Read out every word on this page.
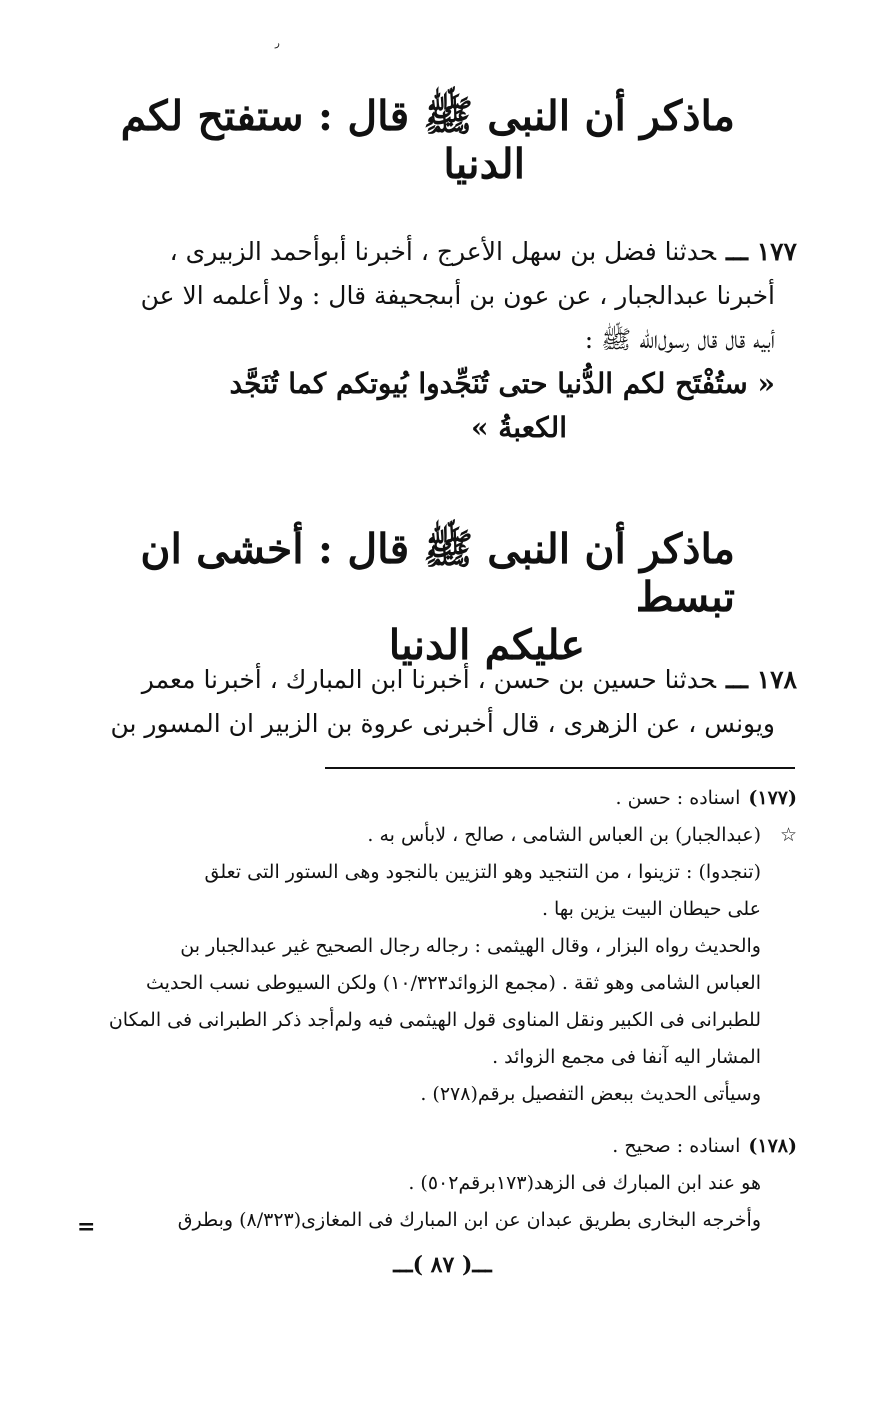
ر
ماذكر أن النبى ﷺ قال : ستفتح لكم
الدنيا
١٧٧ ـــحدثنا فضل بن سهل الأعرج ، أخبرنا أبوأحمد الزبيرى ،
أخبرنا عبدالجبار ، عن عون بن أبىجحيفة قال : ولا أعلمه الا عن
أبيه قال قال رسول‌الله ﷺ :
« ستُفْتَح لكم الدُّنيا حتى تُنَجِّدوا بُيوتكم كما تُنَجَّد
الكعبةُ »
ماذكر أن النبى ﷺ قال : أخشى ان تبسط
عليكم الدنيا
١٧٨ ـــحدثنا حسين بن حسن ، أخبرنا ابن المبارك ، أخبرنا معمر
ويونس ، عن الزهرى ، قال أخبرنى عروة بن الزبير ان المسور بن
(١٧٧)اسناده : حسن .
☆
(عبدالجبار) بن العباس الشامى ، صالح ، لابأس به .
(تنجدوا) : تزينوا ، من التنجيد وهو التزيين بالنجود وهى الستور التى تعلق
على حيطان البيت يزين بها .
والحديث رواه البزار ، وقال الهيثمى : رجاله رجال الصحيح غير عبدالجبار بن
العباس الشامى وهو ثقة . (مجمع الزوائد١٠/٣٢٣) ولكن السيوطى نسب الحديث
للطبرانى فى الكبير ونقل المناوى قول الهيثمى فيه ولم‌أجد ذكر الطبرانى فى المكان
المشار اليه آنفا فى مجمع الزوائد .
وسيأتى الحديث ببعض التفصيل برقم(٢٧٨) .
(١٧٨)اسناده : صحيح .
هو عند ابن المبارك فى الزهد(١٧٣برقم٥٠٢) .
وأخرجه البخارى بطريق عبدان عن ابن المبارك فى المغازى(٨/٣٢٣) وبطرق
=
ـــ( ٨٧ )ـــ
